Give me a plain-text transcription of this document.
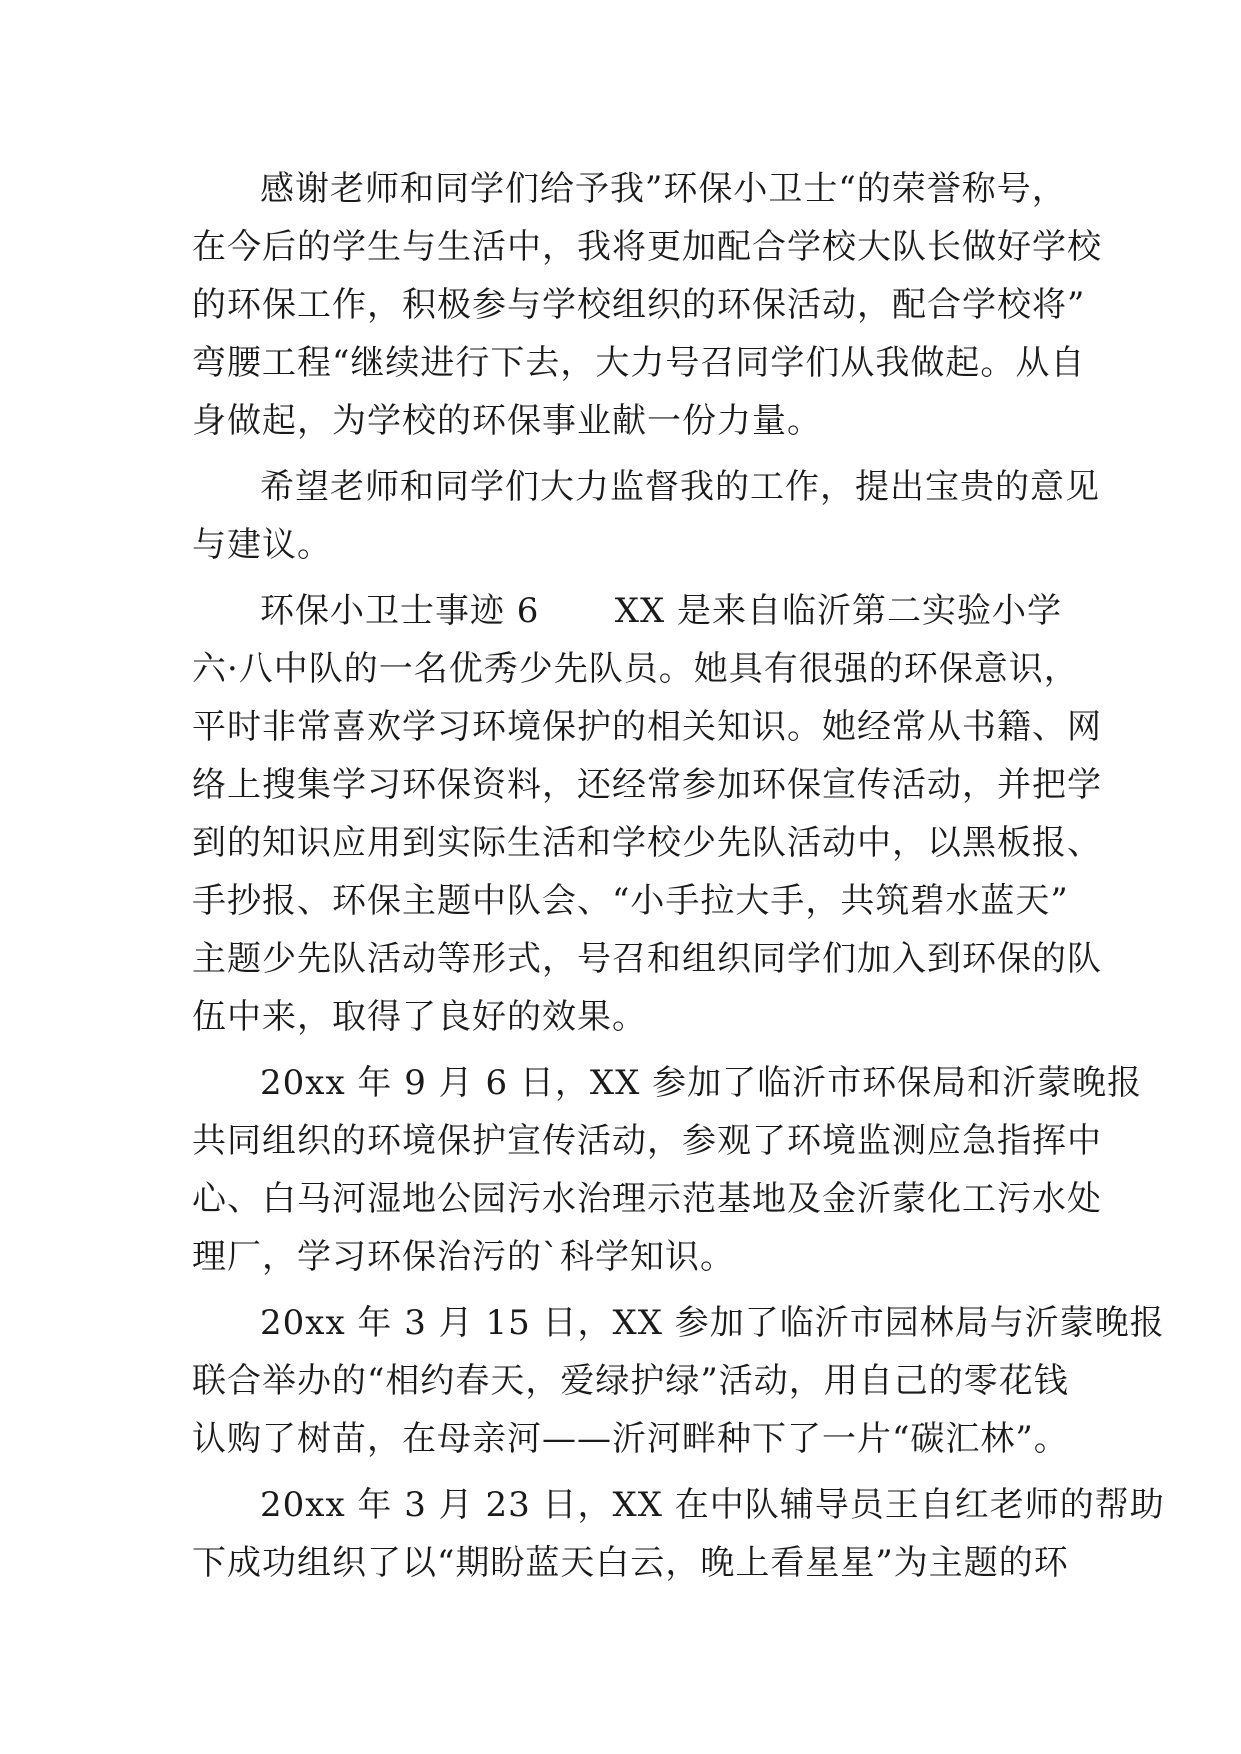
感谢老师和同学们给予我”环保小卫士“的荣誉称号，
在今后的学生与生活中，我将更加配合学校大队长做好学校
的环保工作，积极参与学校组织的环保活动，配合学校将”
弯腰工程“继续进行下去，大力号召同学们从我做起。从自
身做起，为学校的环保事业献一份力量。
希望老师和同学们大力监督我的工作，提出宝贵的意见
与建议。
环保小卫士事迹 6 XX 是来自临沂第二实验小学
六·八中队的一名优秀少先队员。她具有很强的环保意识，
平时非常喜欢学习环境保护的相关知识。她经常从书籍、网
络上搜集学习环保资料，还经常参加环保宣传活动，并把学
到的知识应用到实际生活和学校少先队活动中，以黑板报、
手抄报、环保主题中队会、“小手拉大手，共筑碧水蓝天”
主题少先队活动等形式，号召和组织同学们加入到环保的队
伍中来，取得了良好的效果。
20xx 年 9 月 6 日，XX 参加了临沂市环保局和沂蒙晚报
共同组织的环境保护宣传活动，参观了环境监测应急指挥中
心、白马河湿地公园污水治理示范基地及金沂蒙化工污水处
理厂，学习环保治污的`科学知识。
20xx 年 3 月 15 日，XX 参加了临沂市园林局与沂蒙晚报
联合举办的“相约春天，爱绿护绿”活动，用自己的零花钱
认购了树苗，在母亲河——沂河畔种下了一片“碳汇林”。
20xx 年 3 月 23 日，XX 在中队辅导员王自红老师的帮助
下成功组织了以“期盼蓝天白云，晚上看星星”为主题的环
